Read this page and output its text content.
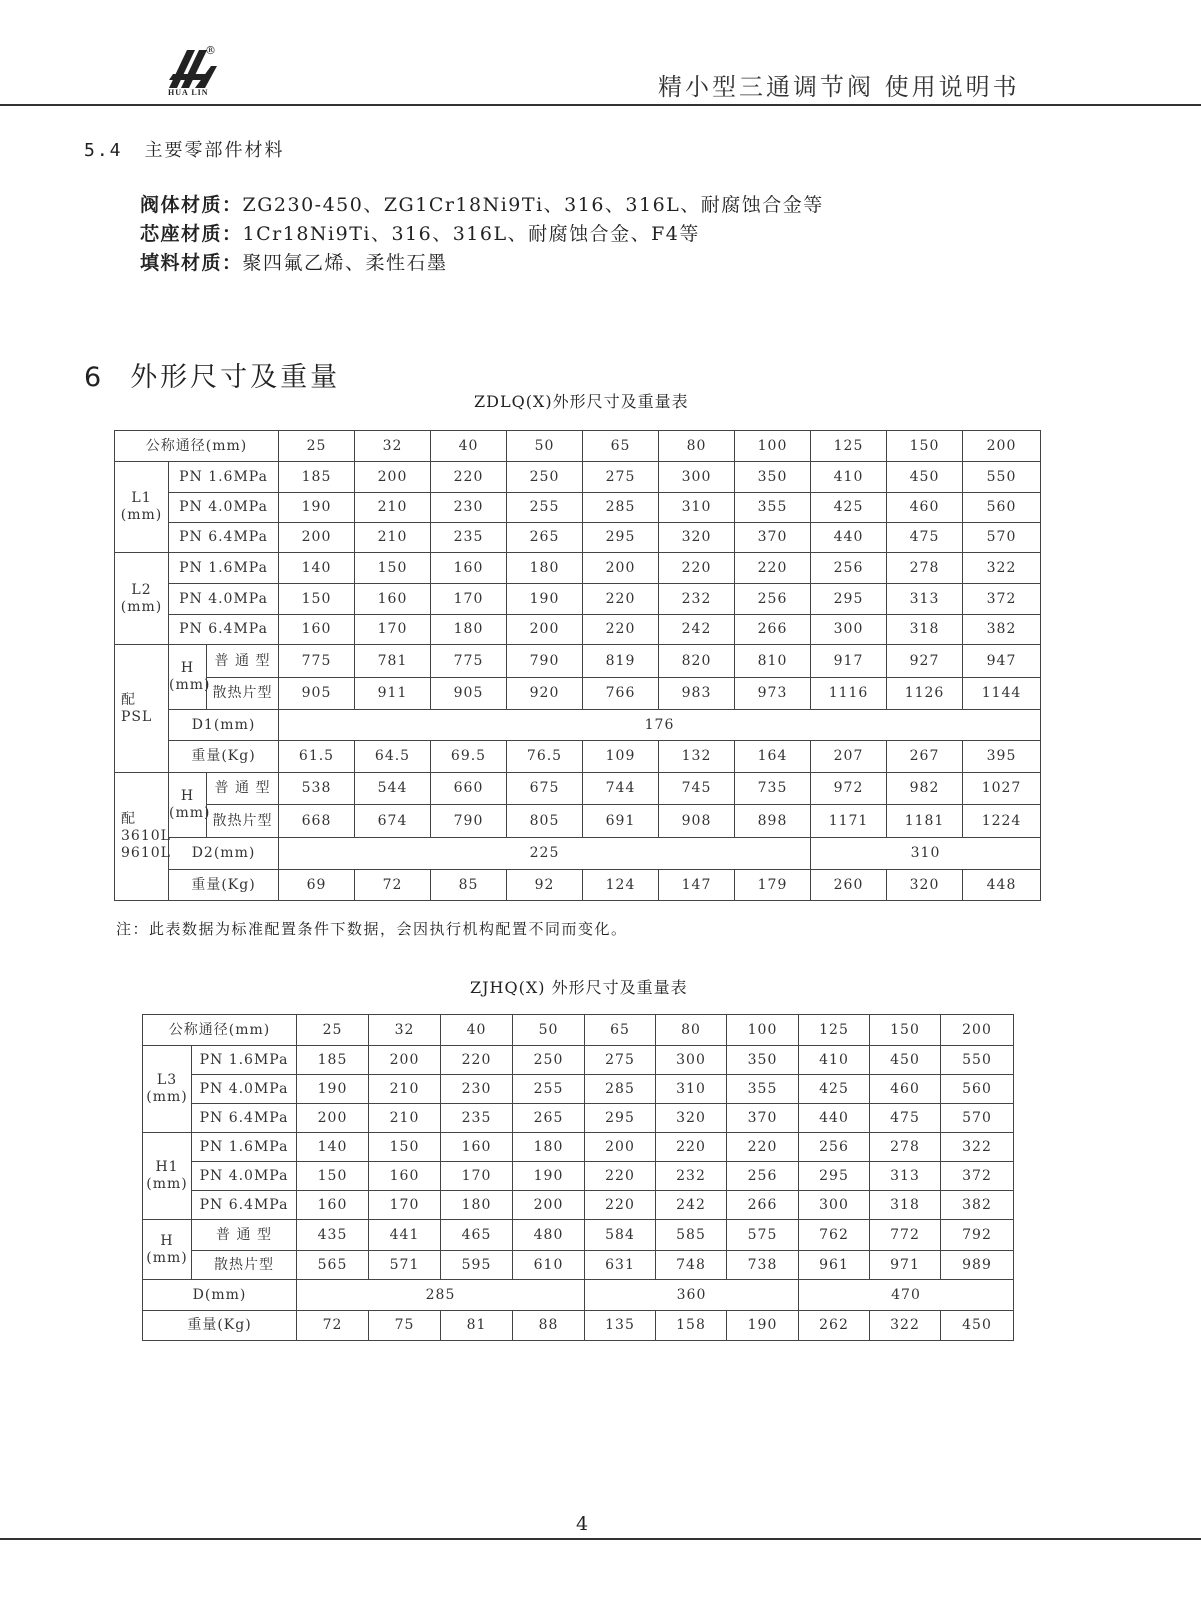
®
HUA LIN	精小型三通调节阀 使用说明书
5.4 主要零部件材料
阀体材质：ZG230-450、ZG1Cr18Ni9Ti、316、316L、耐腐蚀合金等
芯座材质：1Cr18Ni9Ti、316、316L、耐腐蚀合金、F4等
填料材质：聚四氟乙烯、柔性石墨
6 外形尺寸及重量
ZDLQ(X)外形尺寸及重量表
公称通径(mm)			25	32	40	50	65	80	100	125	150	200

L1
(mm)	PN 1.6MPa		185	200	220	250	275	300	350	410	450	550
	PN 4.0MPa		190	210	230	255	285	310	355	425	460	560
	PN 6.4MPa		200	210	235	265	295	320	370	440	475	570

L2
(mm)	PN 1.6MPa		140	150	160	180	200	220	220	256	278	322
	PN 4.0MPa		150	160	170	190	220	232	256	295	313	372
	PN 6.4MPa		160	170	180	200	220	242	266	300	318	382

配
PSL	H
(mm)	普 通 型	775	781	775	790	819	820	810	917	927	947
		散热片型	905	911	905	920	766	983	973	1116	1126	1144
	D1(mm)		176									
	重量(Kg)		61.5	64.5	69.5	76.5	109	132	164	207	267	395

配
3610L
9610L	H
(mm)	普 通 型	538	544	660	675	744	745	735	972	982	1027
		散热片型	668	674	790	805	691	908	898	1171	1181	1224
	D2(mm)		225							310		
	重量(Kg)		69	72	85	92	124	147	179	260	320	448
注：此表数据为标准配置条件下数据，会因执行机构配置不同而变化。
ZJHQ(X) 外形尺寸及重量表
公称通径(mm)		25	32	40	50	65	80	100	125	150	200

L3
(mm)	PN 1.6MPa	185	200	220	250	275	300	350	410	450	550
	PN 4.0MPa	190	210	230	255	285	310	355	425	460	560
	PN 6.4MPa	200	210	235	265	295	320	370	440	475	570

H1
(mm)	PN 1.6MPa	140	150	160	180	200	220	220	256	278	322
	PN 4.0MPa	150	160	170	190	220	232	256	295	313	372
	PN 6.4MPa	160	170	180	200	220	242	266	300	318	382

H
(mm)	普 通 型	435	441	465	480	584	585	575	762	772	792
	散热片型	565	571	595	610	631	748	738	961	971	989
D(mm)		285				360			470		
重量(Kg)		72	75	81	88	135	158	190	262	322	450
4
